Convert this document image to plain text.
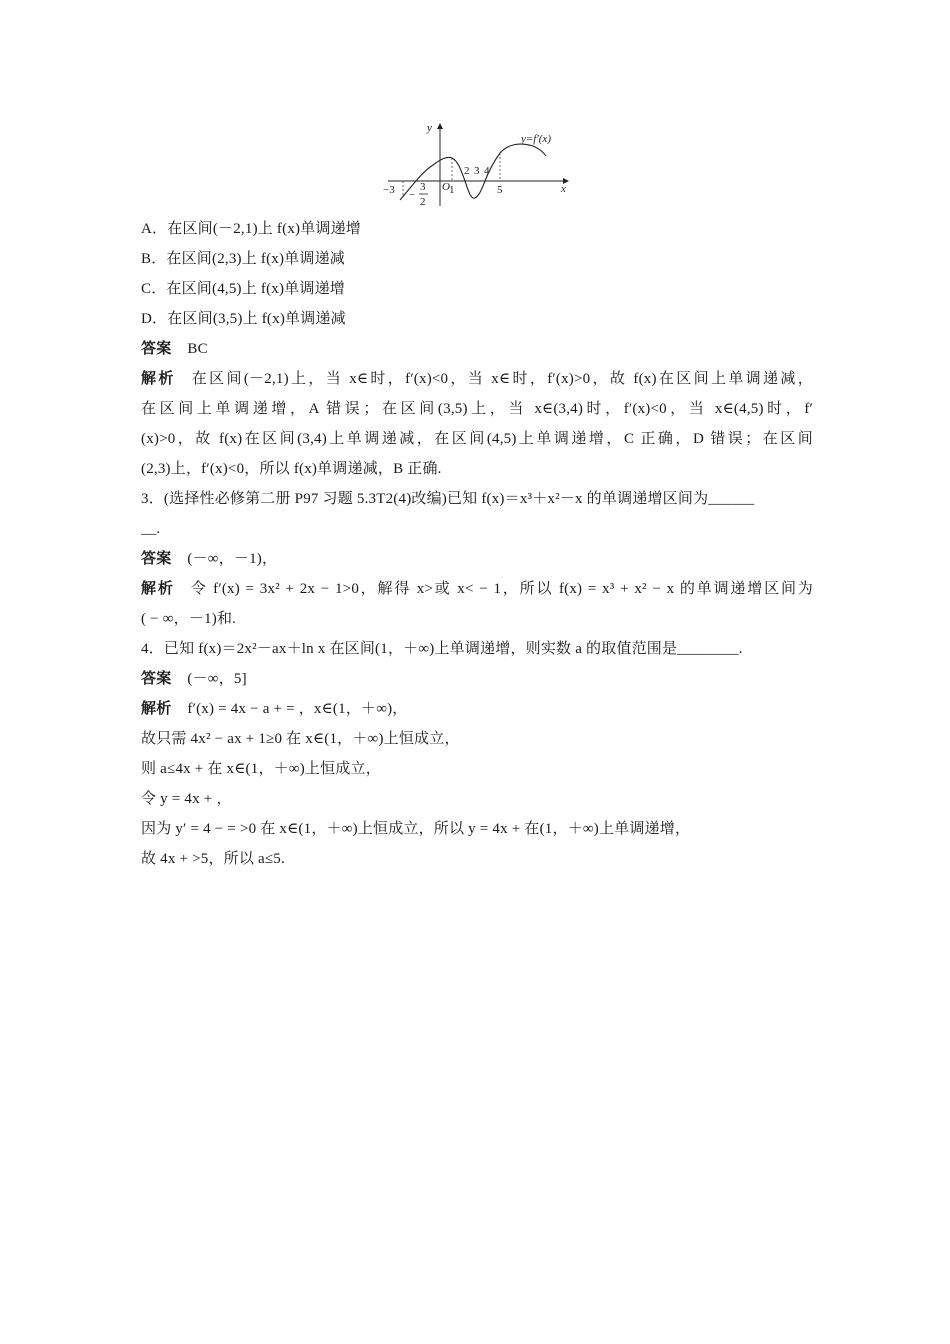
y
x
y=f′(x)
O
−3 −
3
2
1
2 3 4
5
A．在区间(－2,1)上 f(x)单调递增
B．在区间(2,3)上 f(x)单调递减
C．在区间(4,5)上 f(x)单调递增
D．在区间(3,5)上 f(x)单调递减
答案 BC
解析 在区间(－2,1)上，当 x∈时，f′(x)<0，当 x∈时，f′(x)>0，故 f(x)在区间上单调递减，
在区间上单调递增，A 错误；在区间(3,5)上，当 x∈(3,4)时，f′(x)<0，当 x∈(4,5)时，f′
(x)>0，故 f(x)在区间(3,4)上单调递减，在区间(4,5)上单调递增，C 正确，D 错误；在区间
(2,3)上，f′(x)<0，所以 f(x)单调递减，B 正确.
3．(选择性必修第二册 P97 习题 5.3T2(4)改编)已知 f(x)＝x³＋x²－x 的单调递增区间为______
__.
答案 (－∞，－1)，
解析 令 f′(x) = 3x² + 2x − 1>0，解得 x>或 x< − 1，所以 f(x) = x³ + x² − x 的单调递增区间为
( − ∞，－1)和.
4．已知 f(x)＝2x²－ax＋ln x 在区间(1，＋∞)上单调递增，则实数 a 的取值范围是________.
答案 (－∞，5]
解析 f′(x) = 4x − a + = ，x∈(1，＋∞)，
故只需 4x² − ax + 1≥0 在 x∈(1，＋∞)上恒成立，
则 a≤4x + 在 x∈(1，＋∞)上恒成立，
令 y = 4x + ，
因为 y′ = 4 − = >0 在 x∈(1，＋∞)上恒成立，所以 y = 4x + 在(1，＋∞)上单调递增，
故 4x + >5，所以 a≤5.
